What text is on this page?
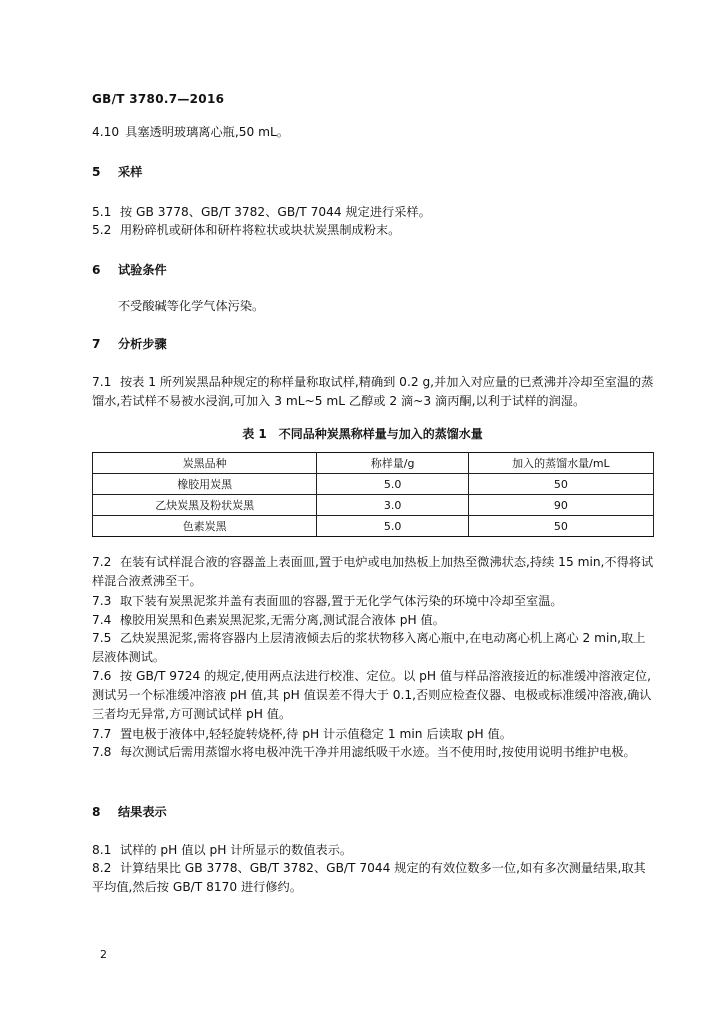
GB/T 3780.7—2016
4.10 具塞透明玻璃离心瓶,50 mL。
5 采样
5.1 按 GB 3778、GB/T 3782、GB/T 7044 规定进行采样。
5.2 用粉碎机或研体和研杵将粒状或块状炭黑制成粉末。
6 试验条件
不受酸碱等化学气体污染。
7 分析步骤
7.1 按表 1 所列炭黑品种规定的称样量称取试样,精确到 0.2 g,并加入对应量的已煮沸并冷却至室温的蒸馏水,若试样不易被水浸润,可加入 3 mL~5 mL 乙醇或 2 滴~3 滴丙酮,以利于试样的润湿。
表 1　不同品种炭黑称样量与加入的蒸馏水量
炭黑品种	称样量/g	加入的蒸馏水量/mL
橡胶用炭黑	5.0	50
乙炔炭黑及粉状炭黑	3.0	90
色素炭黑	5.0	50
7.2 在装有试样混合液的容器盖上表面皿,置于电炉或电加热板上加热至微沸状态,持续 15 min,不得将试样混合液煮沸至干。
7.3 取下装有炭黑泥浆并盖有表面皿的容器,置于无化学气体污染的环境中冷却至室温。
7.4 橡胶用炭黑和色素炭黑泥浆,无需分离,测试混合液体 pH 值。
7.5 乙炔炭黑泥浆,需将容器内上层清液倾去后的浆状物移入离心瓶中,在电动离心机上离心 2 min,取上层液体测试。
7.6 按 GB/T 9724 的规定,使用两点法进行校准、定位。以 pH 值与样品溶液接近的标准缓冲溶液定位,测试另一个标准缓冲溶液 pH 值,其 pH 值误差不得大于 0.1,否则应检查仪器、电极或标准缓冲溶液,确认三者均无异常,方可测试试样 pH 值。
7.7 置电极于液体中,轻轻旋转烧杯,待 pH 计示值稳定 1 min 后读取 pH 值。
7.8 每次测试后需用蒸馏水将电极冲洗干净并用滤纸吸干水迹。当不使用时,按使用说明书维护电极。
8 结果表示
8.1 试样的 pH 值以 pH 计所显示的数值表示。
8.2 计算结果比 GB 3778、GB/T 3782、GB/T 7044 规定的有效位数多一位,如有多次测量结果,取其平均值,然后按 GB/T 8170 进行修约。
2
